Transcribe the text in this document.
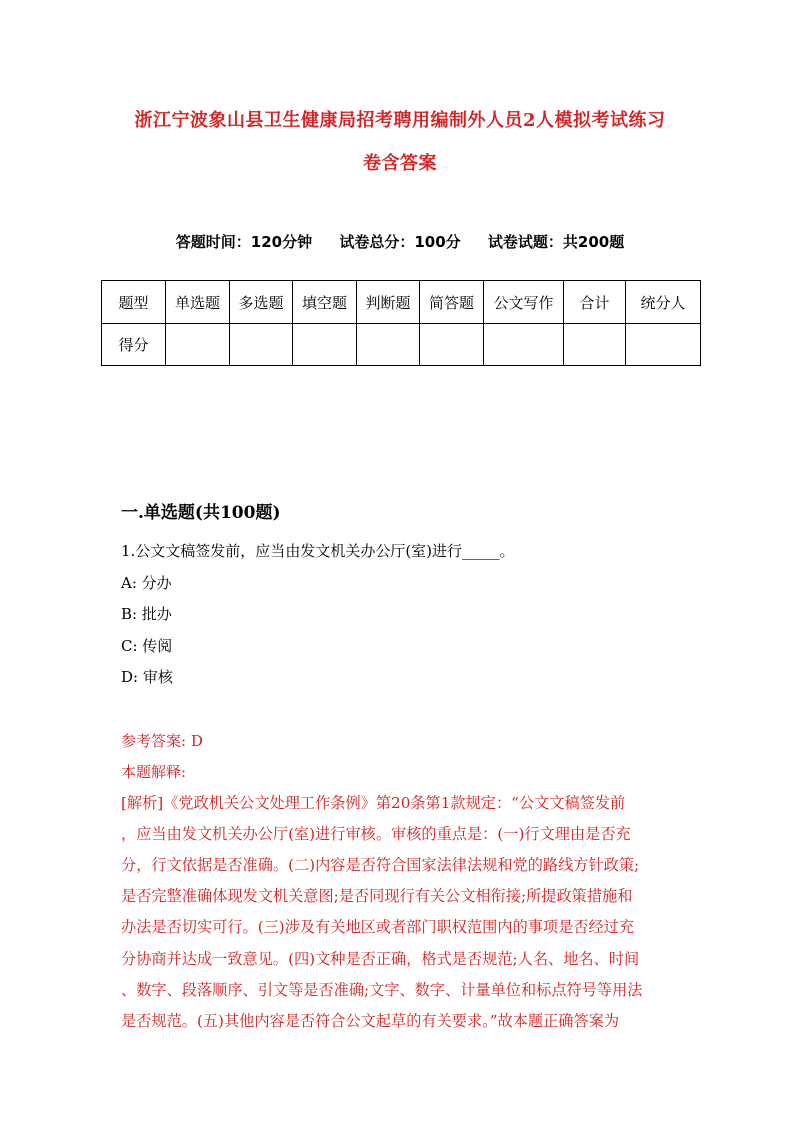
浙江宁波象山县卫生健康局招考聘用编制外人员2人模拟考试练习
卷含答案
答题时间：120分钟 试卷总分：100分 试卷试题：共200题
题型	单选题	多选题	填空题	判断题	简答题	公文写作	合计	统分人
得分								
一.单选题(共100题)
1.公文文稿签发前，应当由发文机关办公厅(室)进行_____。
A: 分办
B: 批办
C: 传阅
D: 审核
参考答案: D
本题解释:
[解析]《党政机关公文处理工作条例》第20条第1款规定：“公文文稿签发前
，应当由发文机关办公厅(室)进行审核。审核的重点是：(一)行文理由是否充
分，行文依据是否准确。(二)内容是否符合国家法律法规和党的路线方针政策;
是否完整准确体现发文机关意图;是否同现行有关公文相衔接;所提政策措施和
办法是否切实可行。(三)涉及有关地区或者部门职权范围内的事项是否经过充
分协商并达成一致意见。(四)文种是否正确，格式是否规范;人名、地名、时间
、数字、段落顺序、引文等是否准确;文字、数字、计量单位和标点符号等用法
是否规范。(五)其他内容是否符合公文起草的有关要求。”故本题正确答案为
